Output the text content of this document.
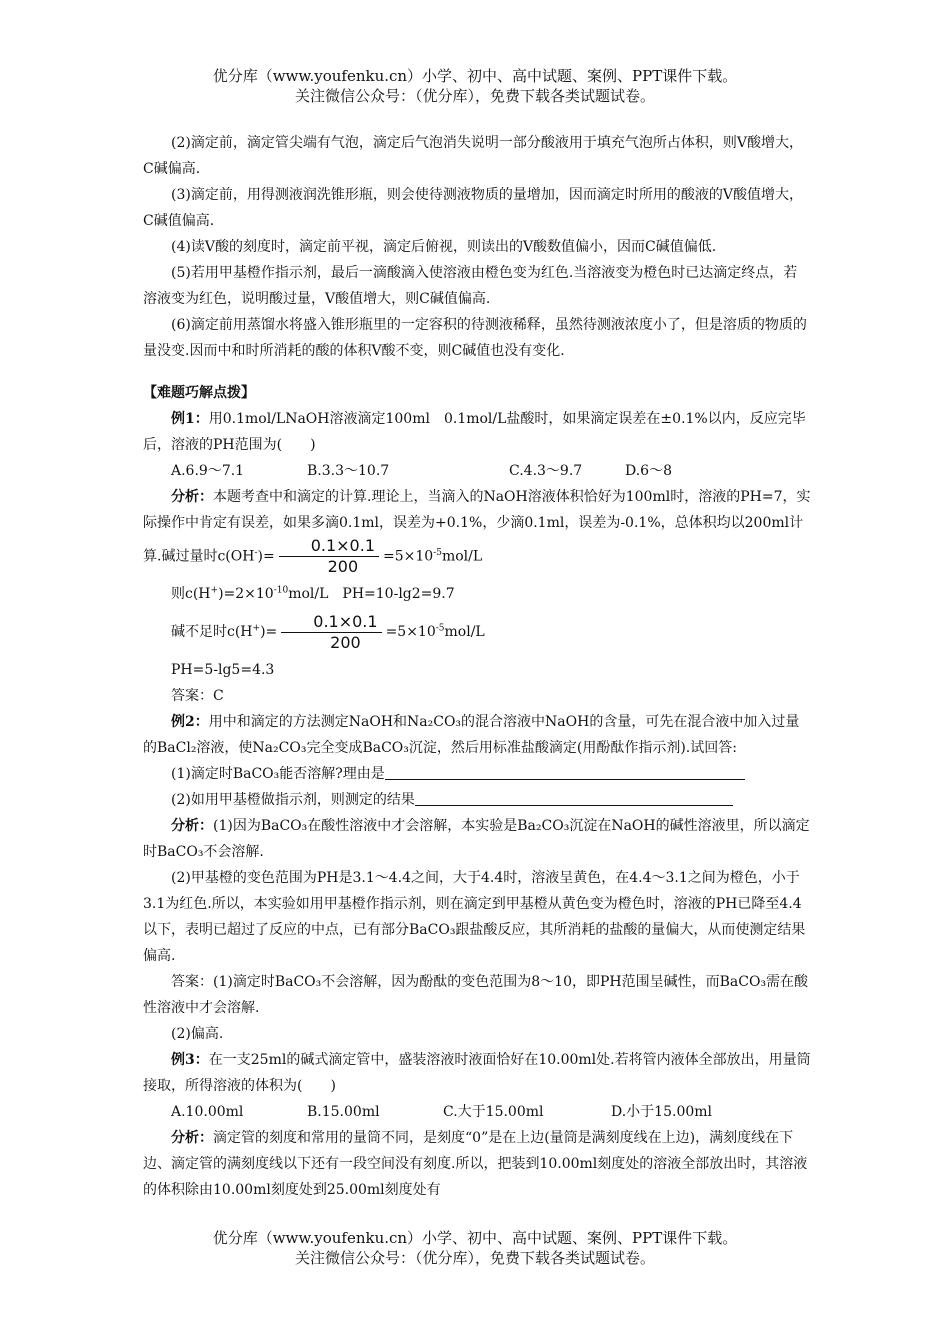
优分库（www.youfenku.cn）小学、初中、高中试题、案例、PPT课件下载。
关注微信公众号：（优分库），免费下载各类试题试卷。

(2)滴定前，滴定管尖端有气泡，滴定后气泡消失说明一部分酸液用于填充气泡所占体积，则V酸增大，C碱偏高.

(3)滴定前，用得测液润洗锥形瓶，则会使待测液物质的量增加，因而滴定时所用的酸液的V酸值增大，C碱值偏高.

(4)读V酸的刻度时，滴定前平视，滴定后俯视，则读出的V酸数值偏小，因而C碱值偏低.

(5)若用甲基橙作指示剂，最后一滴酸滴入使溶液由橙色变为红色.当溶液变为橙色时已达滴定终点，若溶液变为红色，说明酸过量，V酸值增大，则C碱值偏高.

(6)滴定前用蒸馏水将盛入锥形瓶里的一定容积的待测液稀释，虽然待测液浓度小了，但是溶质的物质的量没变.因而中和时所消耗的酸的体积V酸不变，则C碱值也没有变化.

【难题巧解点拨】

例1：用0.1mol/LNaOH溶液滴定100ml　0.1mol/L盐酸时，如果滴定误差在±0.1%以内，反应完毕后，溶液的PH范围为(　　)

A.6.9～7.1	B.3.3～10.7	C.4.3～9.7	D.6～8

分析：本题考查中和滴定的计算.理论上，当滴入的NaOH溶液体积恰好为100ml时，溶液的PH=7，实际操作中肯定有误差，如果多滴0.1ml，误差为+0.1%，少滴0.1ml，误差为-0.1%，总体积均以200ml计算.碱过量时$c(OH^-)= \frac{0.1\times 0.1}{200} =5\times 10^{-5}mol/L$

则$c(H^+)=2\times 10^{-10}mol/L$　PH=10-lg2=9.7

碱不足时$c(H^+)= \frac{0.1\times 0.1}{200} =5\times 10^{-5}mol/L$

PH=5-lg5=4.3

答案：C

例2：用中和滴定的方法测定NaOH和Na₂CO₃的混合溶液中NaOH的含量，可先在混合液中加入过量的BaCl₂溶液，使Na₂CO₃完全变成BaCO₃沉淀，然后用标准盐酸滴定(用酚酞作指示剂).试回答:

(1)滴定时BaCO₃能否溶解?理由是

(2)如用甲基橙做指示剂，则测定的结果

分析：(1)因为BaCO₃在酸性溶液中才会溶解，本实验是Ba₂CO₃沉淀在NaOH的碱性溶液里，所以滴定时BaCO₃不会溶解.

(2)甲基橙的变色范围为PH是3.1～4.4之间，大于4.4时，溶液呈黄色，在4.4～3.1之间为橙色，小于3.1为红色.所以，本实验如用甲基橙作指示剂，则在滴定到甲基橙从黄色变为橙色时，溶液的PH已降至4.4以下，表明已超过了反应的中点，已有部分BaCO₃跟盐酸反应，其所消耗的盐酸的量偏大，从而使测定结果偏高.

答案：(1)滴定时BaCO₃不会溶解，因为酚酞的变色范围为8～10，即PH范围呈碱性，而BaCO₃需在酸性溶液中才会溶解.

(2)偏高.

例3：在一支25ml的碱式滴定管中，盛装溶液时液面恰好在10.00ml处.若将管内液体全部放出，用量筒接取，所得溶液的体积为(　　)

A.10.00ml	B.15.00ml	C.大于15.00ml	D.小于15.00ml

分析：滴定管的刻度和常用的量筒不同，是刻度“0”是在上边(量筒是满刻度线在上边)，满刻度线在下边、滴定管的满刻度线以下还有一段空间没有刻度.所以，把装到10.00ml刻度处的溶液全部放出时，其溶液的体积除由10.00ml刻度处到25.00ml刻度处有

优分库（www.youfenku.cn）小学、初中、高中试题、案例、PPT课件下载。
关注微信公众号：（优分库），免费下载各类试题试卷。
